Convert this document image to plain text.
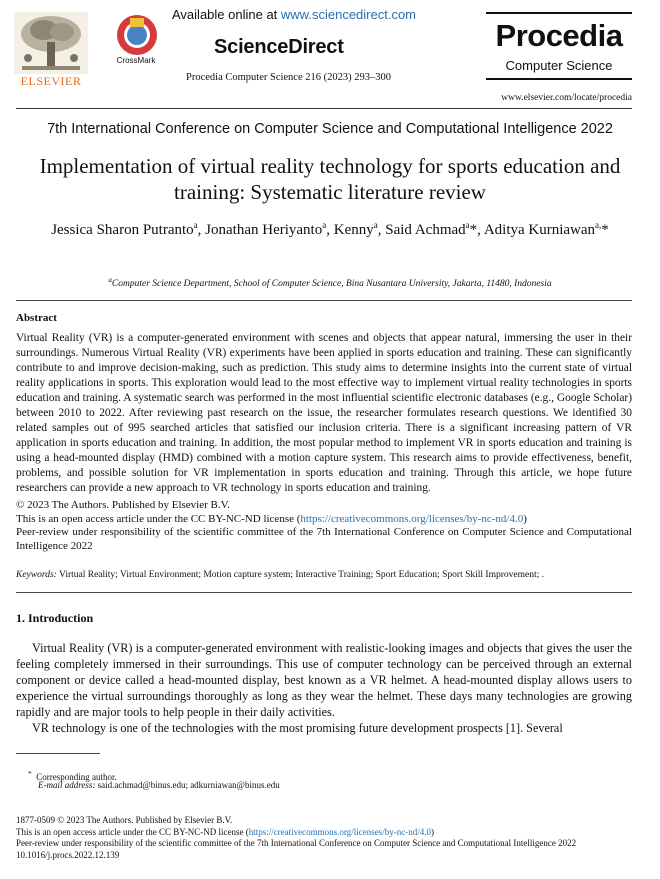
ELSEVIER
CrossMark
Available online at www.sciencedirect.com
ScienceDirect
Procedia Computer Science 216 (2023) 293–300
Procedia
Computer Science
www.elsevier.com/locate/procedia
7th International Conference on Computer Science and Computational Intelligence 2022
Implementation of virtual reality technology for sports education and training: Systematic literature review
Jessica Sharon Putranto$^a$, Jonathan Heriyanto$^a$, Kenny$^a$, Said Achmad$^a$*, Aditya Kurniawan$^{a,}$*
$^a$Computer Science Department, School of Computer Science, Bina Nusantara University, Jakarta, 11480, Indonesia
Abstract
Virtual Reality (VR) is a computer-generated environment with scenes and objects that appear natural, immersing the user in their surroundings. Numerous Virtual Reality (VR) experiments have been applied in sports education and training. These can significantly contribute to and improve decision-making, such as prediction. This study aims to determine insights into the current state of virtual reality applications in sports. This exploration would lead to the most effective way to implement virtual reality technologies in sports education and training. A systematic search was performed in the most influential scientific electronic databases (e.g., Google Scholar) between 2010 to 2022. After reviewing past research on the issue, the researcher formulates research questions. We identified 30 related samples out of 995 searched articles that satisfied our inclusion criteria. There is a significant increasing pattern of VR application in sports education and training. In addition, the most popular method to implement VR in sports education and training is using a head-mounted display (HMD) combined with a motion capture system. This research aims to provide effectiveness, benefit, problems, and possible solution for VR implementation in sports education and training. Through this article, we hope future researchers can provide a new approach to VR technology in sports education and training.
© 2023 The Authors. Published by Elsevier B.V.
This is an open access article under the CC BY-NC-ND license (https://creativecommons.org/licenses/by-nc-nd/4.0)
Peer-review under responsibility of the scientific committee of the 7th International Conference on Computer Science and Computational Intelligence 2022
Keywords: Virtual Reality; Virtual Environment; Motion capture system; Interactive Training; Sport Education; Sport Skill Improvement; .
1. Introduction

Virtual Reality (VR) is a computer-generated environment with realistic-looking images and objects that gives the user the feeling completely immersed in their surroundings. This use of computer technology can be perceived through an external component or device called a head-mounted display, best known as a VR helmet. A head-mounted display allows users to experience the virtual surroundings thoroughly as long as they wear the helmet. These days many technologies are growing rapidly and are major tools to help people in their daily activities.

VR technology is one of the technologies with the most promising future development prospects [1]. Several

* Corresponding author.
E-mail address: said.achmad@binus.edu; adkurniawan@binus.edu
1877-0509 © 2023 The Authors. Published by Elsevier B.V.
This is an open access article under the CC BY-NC-ND license (https://creativecommons.org/licenses/by-nc-nd/4.0)
Peer-review under responsibility of the scientific committee of the 7th International Conference on Computer Science and Computational Intelligence 2022
10.1016/j.procs.2022.12.139
